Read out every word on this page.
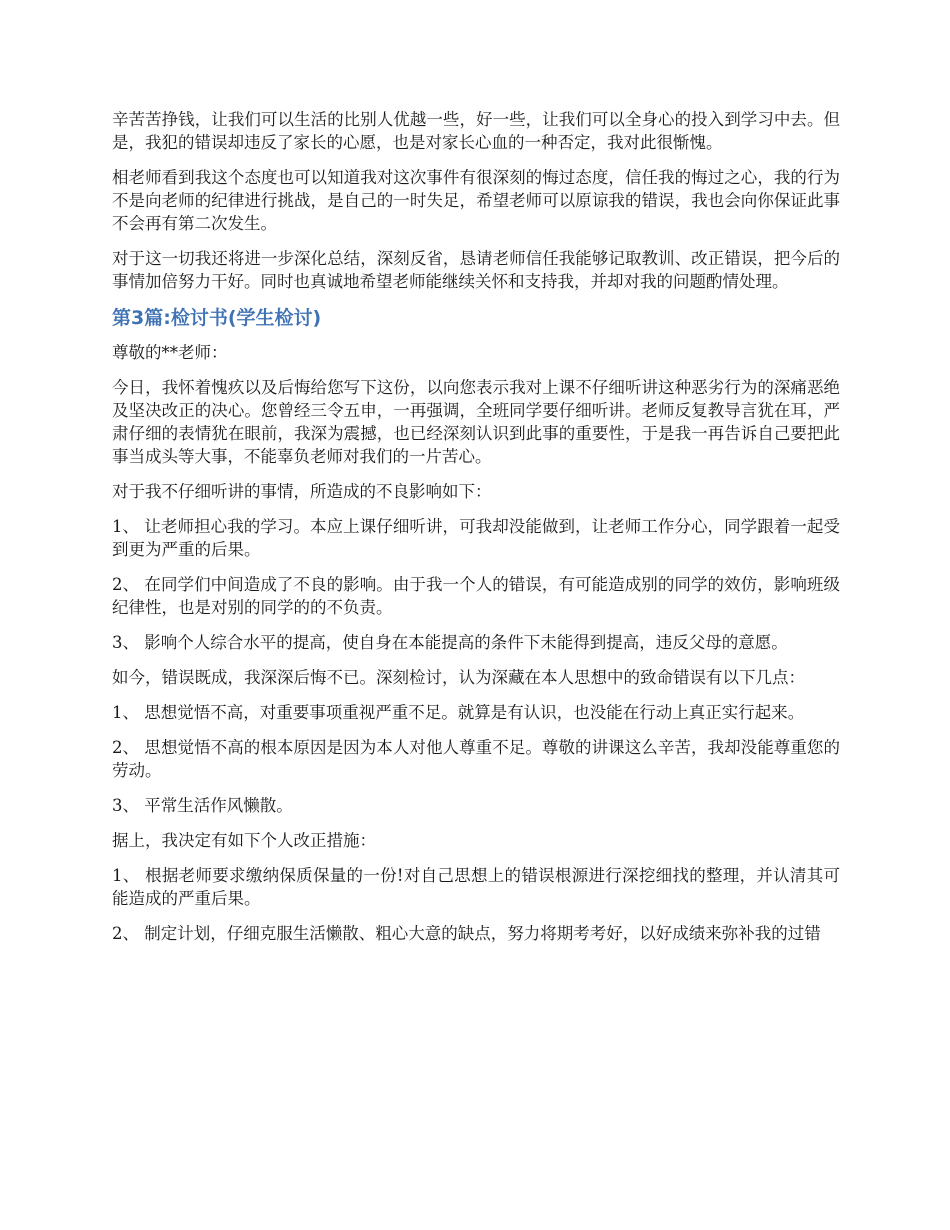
辛苦苦挣钱，让我们可以生活的比别人优越一些，好一些，让我们可以全身心的投入到学习中去。但是，我犯的错误却违反了家长的心愿，也是对家长心血的一种否定，我对此很惭愧。

相老师看到我这个态度也可以知道我对这次事件有很深刻的悔过态度，信任我的悔过之心，我的行为不是向老师的纪律进行挑战，是自己的一时失足，希望老师可以原谅我的错误，我也会向你保证此事不会再有第二次发生。

对于这一切我还将进一步深化总结，深刻反省，恳请老师信任我能够记取教训、改正错误，把今后的事情加倍努力干好。同时也真诚地希望老师能继续关怀和支持我，并却对我的问题酌情处理。

第3篇:检讨书(学生检讨)

尊敬的**老师：

今日，我怀着愧疚以及后悔给您写下这份，以向您表示我对上课不仔细听讲这种恶劣行为的深痛恶绝及坚决改正的决心。您曾经三令五申，一再强调，全班同学要仔细听讲。老师反复教导言犹在耳，严肃仔细的表情犹在眼前，我深为震撼，也已经深刻认识到此事的重要性，于是我一再告诉自己要把此事当成头等大事，不能辜负老师对我们的一片苦心。

对于我不仔细听讲的事情，所造成的不良影响如下：

1、 让老师担心我的学习。本应上课仔细听讲，可我却没能做到，让老师工作分心，同学跟着一起受到更为严重的后果。

2、 在同学们中间造成了不良的影响。由于我一个人的错误，有可能造成别的同学的效仿，影响班级纪律性，也是对别的同学的的不负责。

3、 影响个人综合水平的提高，使自身在本能提高的条件下未能得到提高，违反父母的意愿。

如今，错误既成，我深深后悔不已。深刻检讨，认为深藏在本人思想中的致命错误有以下几点：

1、 思想觉悟不高，对重要事项重视严重不足。就算是有认识，也没能在行动上真正实行起来。

2、 思想觉悟不高的根本原因是因为本人对他人尊重不足。尊敬的讲课这么辛苦，我却没能尊重您的劳动。

3、 平常生活作风懒散。

据上，我决定有如下个人改正措施：

1、 根据老师要求缴纳保质保量的一份!对自己思想上的错误根源进行深挖细找的整理，并认清其可能造成的严重后果。

2、 制定计划，仔细克服生活懒散、粗心大意的缺点，努力将期考考好，以好成绩来弥补我的过错
